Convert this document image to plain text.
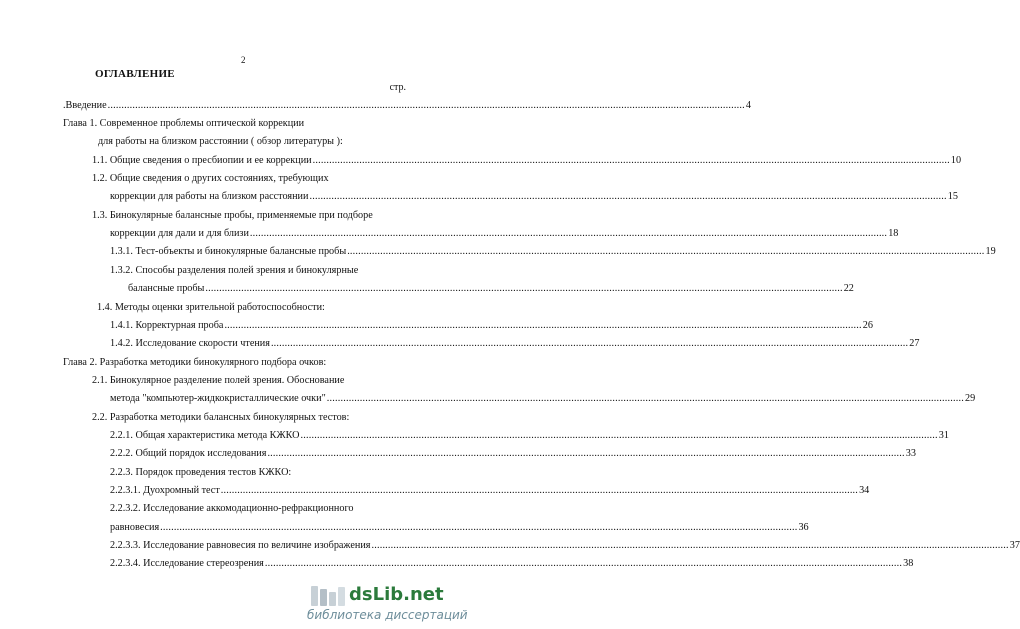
2
ОГЛАВЛЕНИЕ
стр.
.Введение .....	4
Глава 1. Современное проблемы оптической коррекции
для работы на близком расстоянии ( обзор литературы ):
1.1. Общие сведения о пресбиопии и ее коррекции .....	10
1.2. Общие сведения о других состояниях, требующих
коррекции для работы на близком расстоянии .....	15
1.3. Бинокулярные балансные пробы, применяемые при подборе
коррекции для дали и для близи .....	18
1.3.1. Тест-объекты и бинокулярные балансные пробы .....	19
1.3.2. Способы разделения полей зрения и бинокулярные
балансные пробы .....	22
1.4. Методы оценки зрительной работоспособности:
1.4.1. Корректурная проба .....	26
1.4.2. Исследование скорости чтения .....	27
Глава 2. Разработка методики бинокулярного подбора очков:
2.1. Бинокулярное разделение полей зрения. Обоснование
метода "компьютер-жидкокристаллические очки" .....	29
2.2. Разработка методики балансных бинокулярных тестов:
2.2.1. Общая характеристика метода КЖКО .....	31
2.2.2. Общий порядок исследования .....	33
2.2.3. Порядок проведения тестов КЖКО:
2.2.3.1. Дуохромный тест .....	34
2.2.3.2. Исследование аккомодационно-рефракционного
равновесия .....	36
2.2.3.3. Исследование равновесия по величине изображения .....	37
2.2.3.4. Исследование стереозрения .....	38
dsLib.net
библиотека диссертаций
